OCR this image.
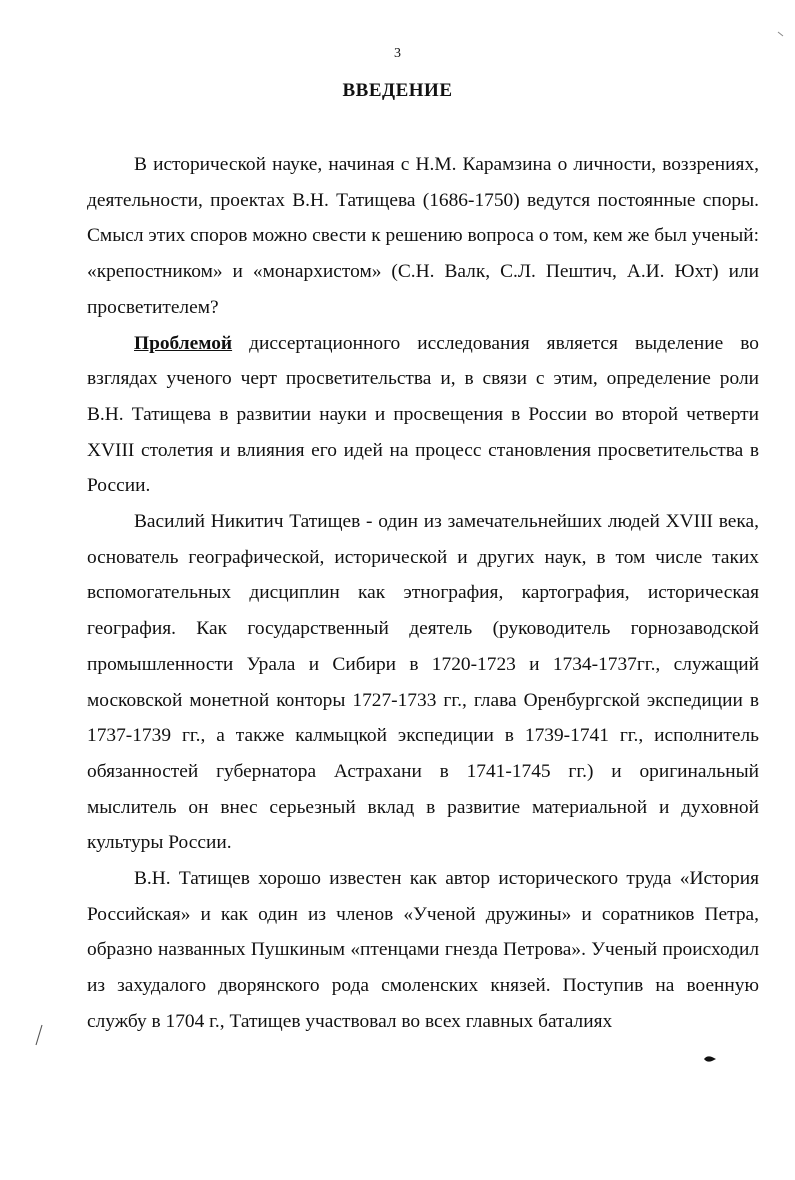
3
ВВЕДЕНИЕ

В исторической науке, начиная с Н.М. Карамзина о личности, воззрениях, деятельности, проектах В.Н. Татищева (1686-1750) ведутся постоянные споры. Смысл этих споров можно свести к решению вопроса о том, кем же был ученый: «крепостником» и «монархистом» (С.Н. Валк, С.Л. Пештич, А.И. Юхт) или просветителем?

Проблемой диссертационного исследования является выделение во взглядах ученого черт просветительства и, в связи с этим, определение роли В.Н. Татищева в развитии науки и просвещения в России во второй четверти XVIII столетия и влияния его идей на процесс становления просветительства в России.

Василий Никитич Татищев - один из замечательнейших людей XVIII века, основатель географической, исторической и других наук, в том числе таких вспомогательных дисциплин как этнография, картография, историческая география. Как государственный деятель (руководитель горнозаводской промышленности Урала и Сибири в 1720-1723 и 1734-1737гг., служащий московской монетной конторы 1727-1733 гг., глава Оренбургской экспедиции в 1737-1739 гг., а также калмыцкой экспедиции в 1739-1741 гг., исполнитель обязанностей губернатора Астрахани в 1741-1745 гг.) и оригинальный мыслитель он внес серьезный вклад в развитие материальной и духовной культуры России.

В.Н. Татищев хорошо известен как автор исторического труда «История Российская» и как один из членов «Ученой дружины» и соратников Петра, образно названных Пушкиным «птенцами гнезда Петрова». Ученый происходил из захудалого дворянского рода смоленских князей. Поступив на военную службу в 1704 г., Татищев участвовал во всех главных баталиях
